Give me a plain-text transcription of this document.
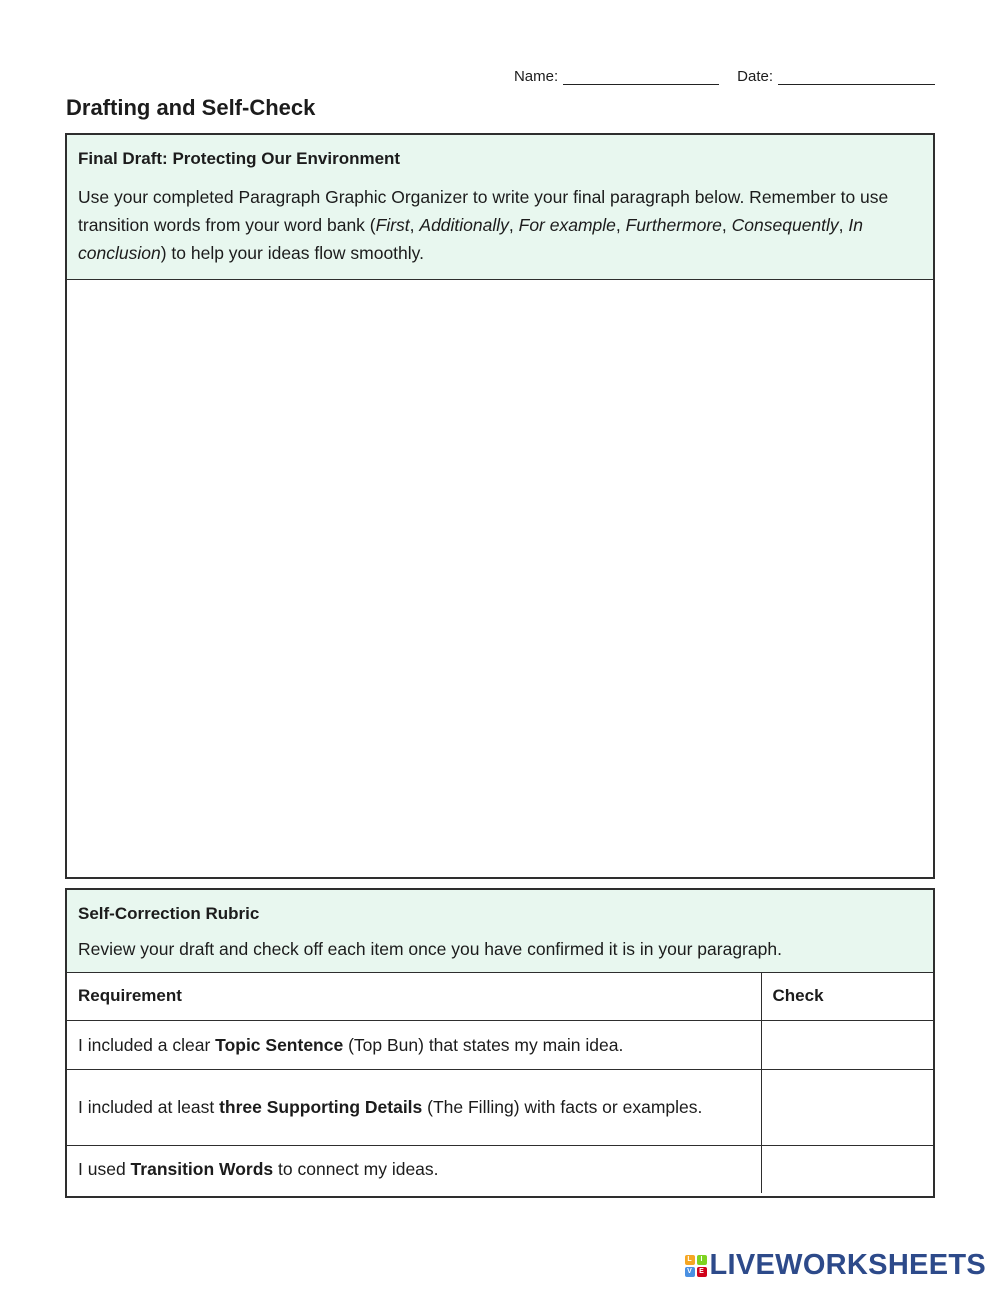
Name:	Date:
Drafting and Self-Check
Final Draft: Protecting Our Environment
Use your completed Paragraph Graphic Organizer to write your final paragraph below. Remember to use transition words from your word bank (First, Additionally, For example, Furthermore, Consequently, In conclusion) to help your ideas flow smoothly.
Self-Correction Rubric
Review your draft and check off each item once you have confirmed it is in your paragraph.
Requirement	Check
I included a clear Topic Sentence (Top Bun) that states my main idea.	
I included at least three Supporting Details (The Filling) with facts or examples.	
I used Transition Words to connect my ideas.	
L	I
V	E LIVEWORKSHEETS
